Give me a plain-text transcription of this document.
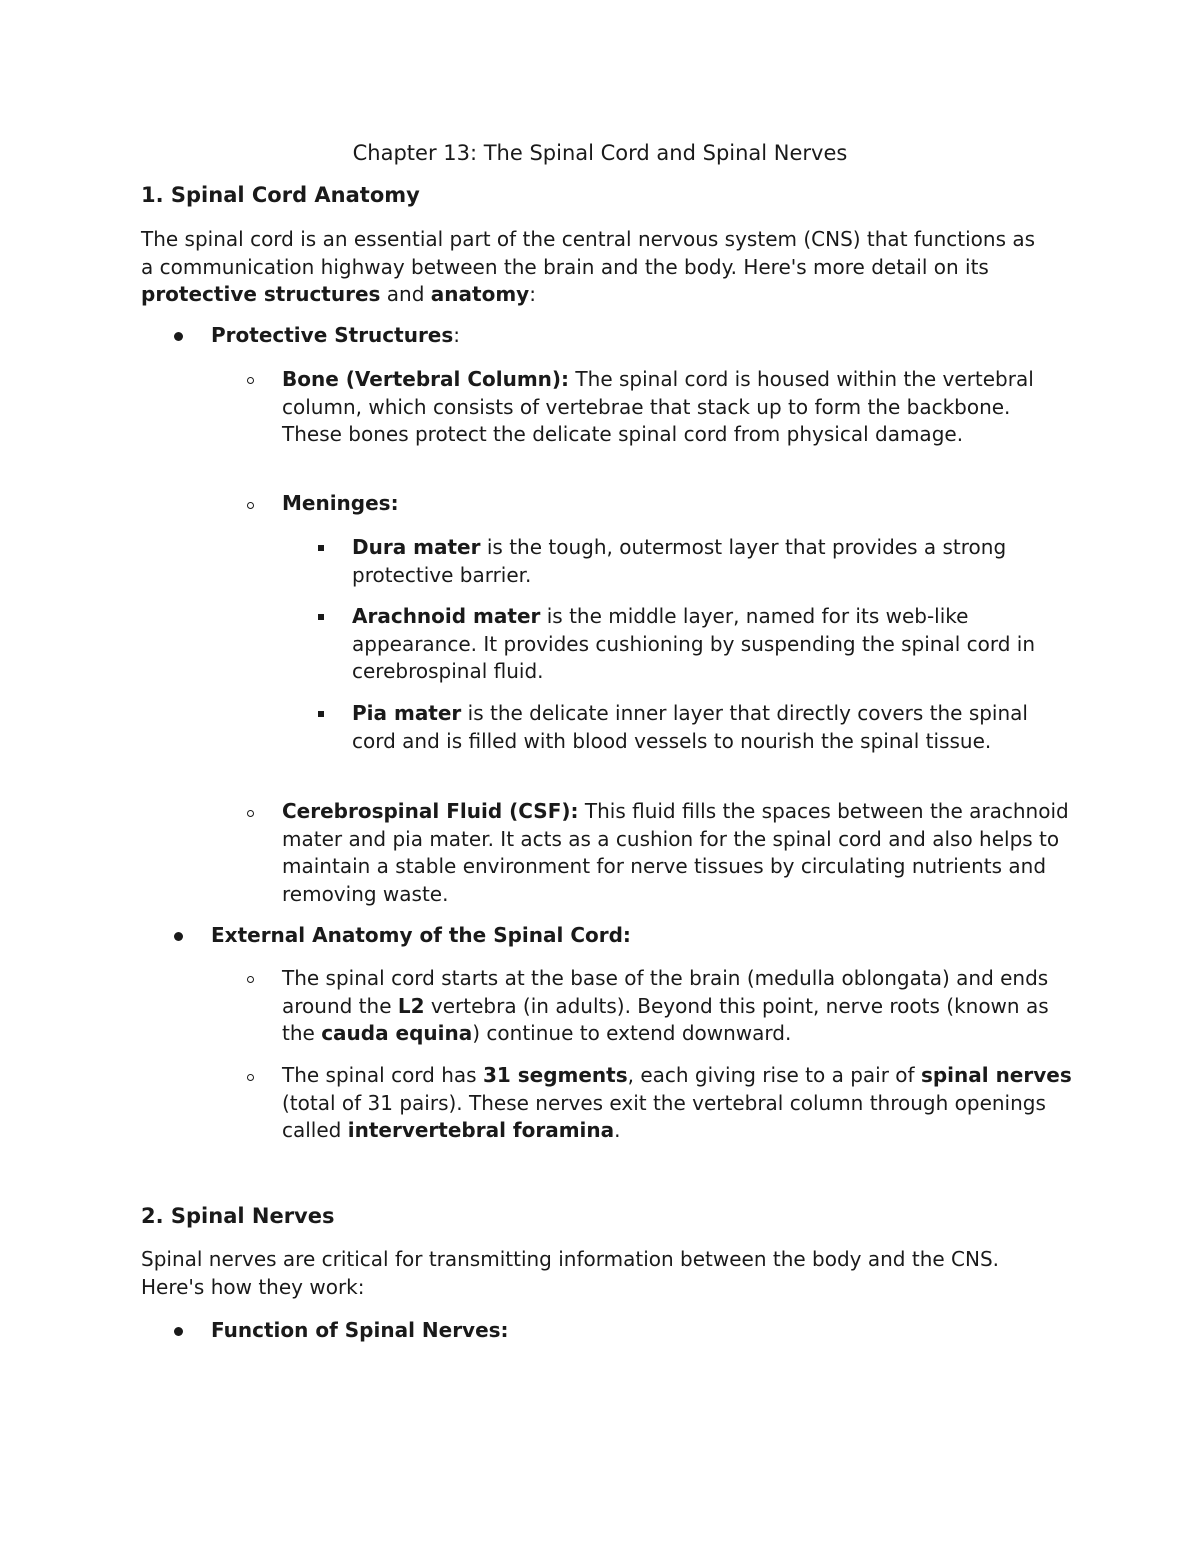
Chapter 13: The Spinal Cord and Spinal Nerves
1. Spinal Cord Anatomy
The spinal cord is an essential part of the central nervous system (CNS) that functions as a communication highway between the brain and the body. Here's more detail on its protective structures and anatomy:
Protective Structures:
Bone (Vertebral Column): The spinal cord is housed within the vertebral column, which consists of vertebrae that stack up to form the backbone. These bones protect the delicate spinal cord from physical damage.
Meninges:
Dura mater is the tough, outermost layer that provides a strong protective barrier.
Arachnoid mater is the middle layer, named for its web-like appearance. It provides cushioning by suspending the spinal cord in cerebrospinal fluid.
Pia mater is the delicate inner layer that directly covers the spinal cord and is filled with blood vessels to nourish the spinal tissue.
Cerebrospinal Fluid (CSF): This fluid fills the spaces between the arachnoid mater and pia mater. It acts as a cushion for the spinal cord and also helps to maintain a stable environment for nerve tissues by circulating nutrients and removing waste.
External Anatomy of the Spinal Cord:
The spinal cord starts at the base of the brain (medulla oblongata) and ends around the L2 vertebra (in adults). Beyond this point, nerve roots (known as the cauda equina) continue to extend downward.
The spinal cord has 31 segments, each giving rise to a pair of spinal nerves (total of 31 pairs). These nerves exit the vertebral column through openings called intervertebral foramina.
2. Spinal Nerves
Spinal nerves are critical for transmitting information between the body and the CNS. Here's how they work:
Function of Spinal Nerves:
